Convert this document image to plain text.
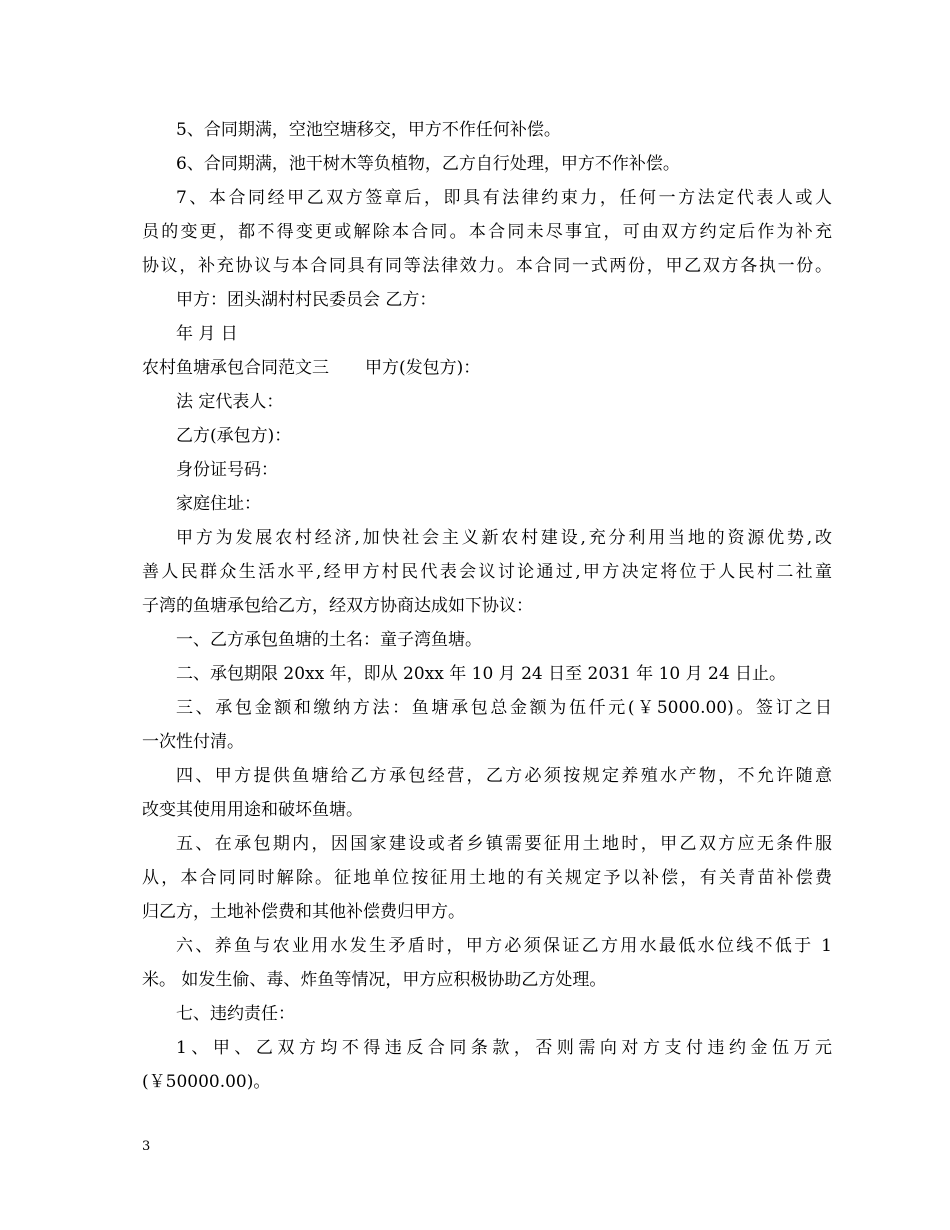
5、合同期满，空池空塘移交，甲方不作任何补偿。
6、合同期满，池干树木等负植物，乙方自行处理，甲方不作补偿。
7、本合同经甲乙双方签章后，即具有法律约束力，任何一方法定代表人或人
员的变更，都不得变更或解除本合同。本合同未尽事宜，可由双方约定后作为补充
协议，补充协议与本合同具有同等法律效力。本合同一式两份，甲乙双方各执一份。
甲方：团头湖村村民委员会 乙方：
年 月 日
农村鱼塘承包合同范文三 甲方(发包方)：
法 定代表人：
乙方(承包方)：
身份证号码：
家庭住址：
甲方为发展农村经济,加快社会主义新农村建设,充分利用当地的资源优势,改
善人民群众生活水平,经甲方村民代表会议讨论通过,甲方决定将位于人民村二社童
子湾的鱼塘承包给乙方，经双方协商达成如下协议：
一、乙方承包鱼塘的土名：童子湾鱼塘。
二、承包期限 20xx 年，即从 20xx 年 10 月 24 日至 2031 年 10 月 24 日止。
三、承包金额和缴纳方法：鱼塘承包总金额为伍仟元(￥5000.00)。签订之日
一次性付清。
四、甲方提供鱼塘给乙方承包经营，乙方必须按规定养殖水产物，不允许随意
改变其使用用途和破坏鱼塘。
五、在承包期内，因国家建设或者乡镇需要征用土地时，甲乙双方应无条件服
从，本合同同时解除。征地单位按征用土地的有关规定予以补偿，有关青苗补偿费
归乙方，土地补偿费和其他补偿费归甲方。
六、养鱼与农业用水发生矛盾时，甲方必须保证乙方用水最低水位线不低于 1
米。 如发生偷、毒、炸鱼等情况，甲方应积极协助乙方处理。
七、违约责任：
1、甲、乙双方均不得违反合同条款，否则需向对方支付违约金伍万元
(￥50000.00)。
3
